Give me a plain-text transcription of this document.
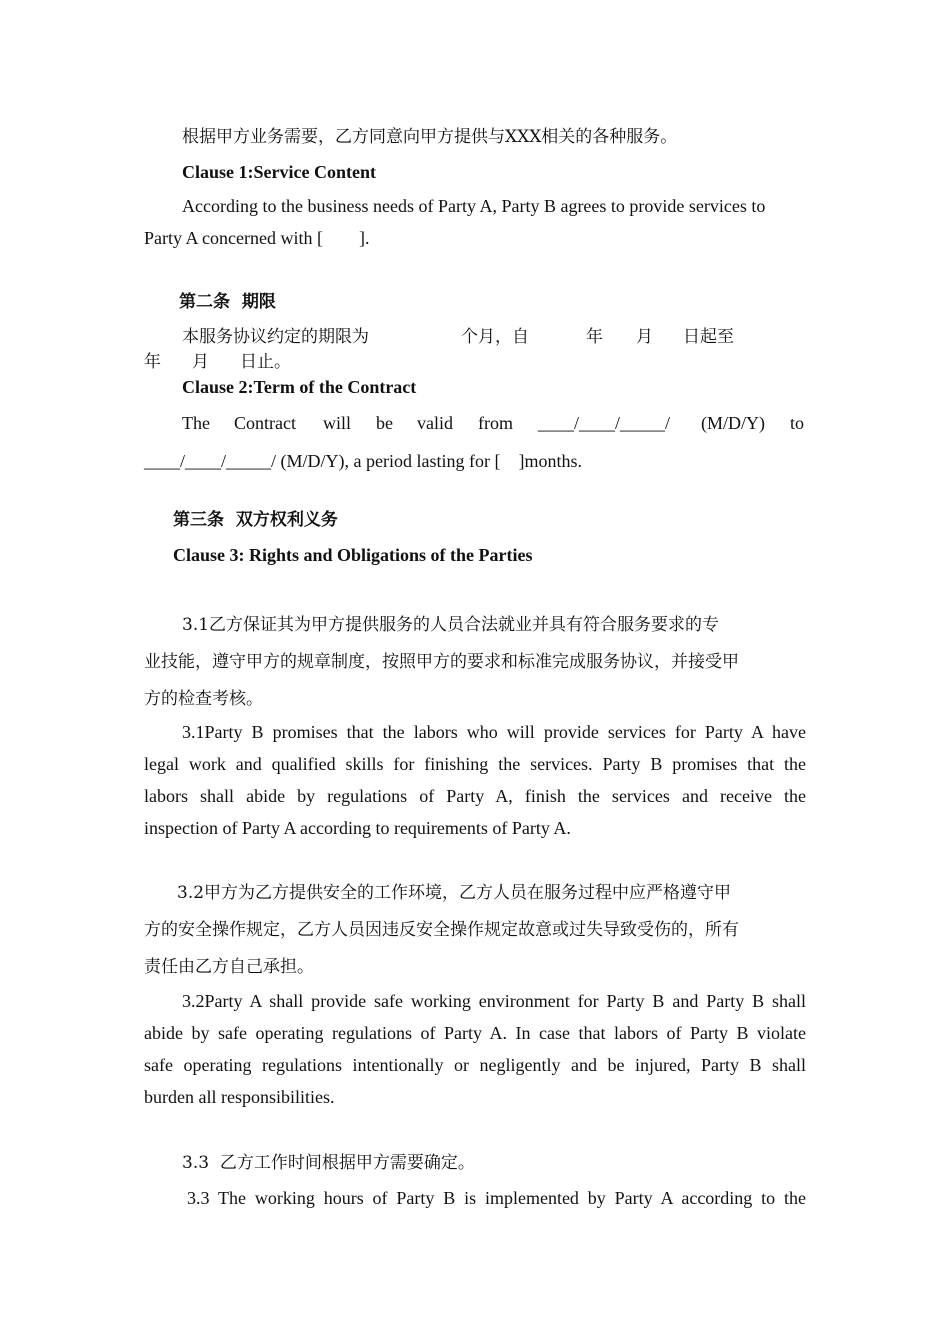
根据甲方业务需要，乙方同意向甲方提供与XXX相关的各种服务。
Clause 1:Service Content
According to the business needs of Party A, Party B agrees to provide services to
Party A concerned with [        ].
第二条  期限
本服务协议约定的期限为	个月，自	年 月 日起至
年 月 日止。
Clause 2:Term of the Contract
The Contract will be valid from ____/____/_____/ (M/D/Y) to
____/____/_____/ (M/D/Y), a period lasting for [    ]months.
第三条  双方权利义务
Clause 3: Rights and Obligations of the Parties
3.1乙方保证其为甲方提供服务的人员合法就业并具有符合服务要求的专
业技能，遵守甲方的规章制度，按照甲方的要求和标准完成服务协议，并接受甲
方的检查考核。
3.1Party B promises that the labors who will provide services for Party A have
legal work and qualified skills for finishing the services. Party B promises that the
labors shall abide by regulations of Party A, finish the services and receive the
inspection of Party A according to requirements of Party A.
3.2甲方为乙方提供安全的工作环境，乙方人员在服务过程中应严格遵守甲
方的安全操作规定，乙方人员因违反安全操作规定故意或过失导致受伤的，所有
责任由乙方自己承担。
3.2Party A shall provide safe working environment for Party B and Party B shall
abide by safe operating regulations of Party A. In case that labors of Party B violate
safe operating regulations intentionally or negligently and be injured, Party B shall
burden all responsibilities.
3.3  乙方工作时间根据甲方需要确定。
3.3 The working hours of Party B is implemented by Party A according to the
